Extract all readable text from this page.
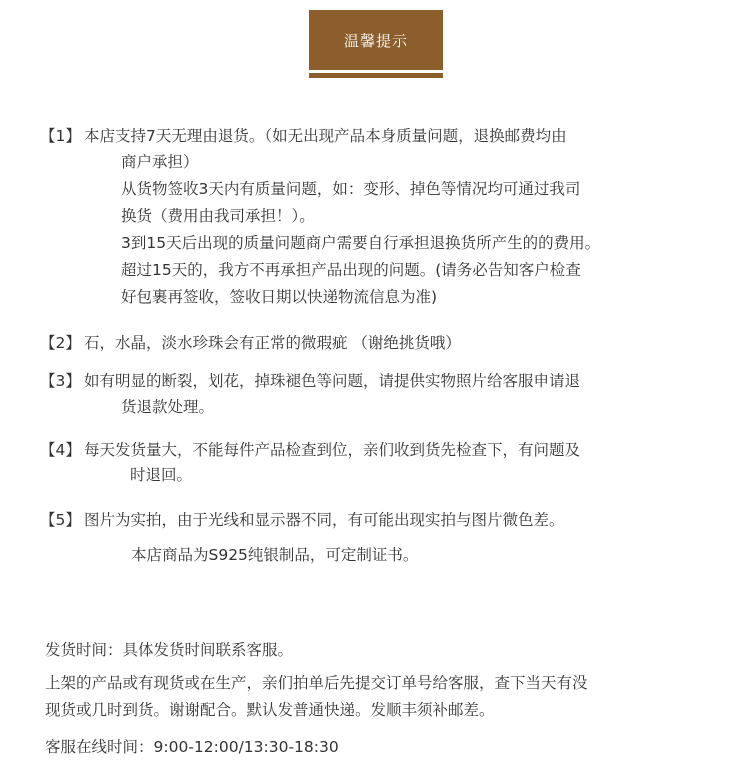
温馨提示
【1】 本店支持7天无理由退货。（如无出现产品本身质量问题，退换邮费均由
商户承担）
从货物签收3天内有质量问题，如：变形、掉色等情况均可通过我司
换货（费用由我司承担！）。
3到15天后出现的质量问题商户需要自行承担退换货所产生的的费用。
超过15天的，我方不再承担产品出现的问题。(请务必告知客户检查
好包裹再签收，签收日期以快递物流信息为准)
【2】 石，水晶，淡水珍珠会有正常的微瑕疵 （谢绝挑货哦）
【3】 如有明显的断裂，划花，掉珠褪色等问题，请提供实物照片给客服申请退
货退款处理。
【4】 每天发货量大，不能每件产品检查到位，亲们收到货先检查下，有问题及
时退回。
【5】 图片为实拍，由于光线和显示器不同，有可能出现实拍与图片微色差。
本店商品为S925纯银制品，可定制证书。
发货时间：具体发货时间联系客服。
上架的产品或有现货或在生产，亲们拍单后先提交订单号给客服，查下当天有没
现货或几时到货。谢谢配合。默认发普通快递。发顺丰须补邮差。
客服在线时间：9:00-12:00/13:30-18:30
